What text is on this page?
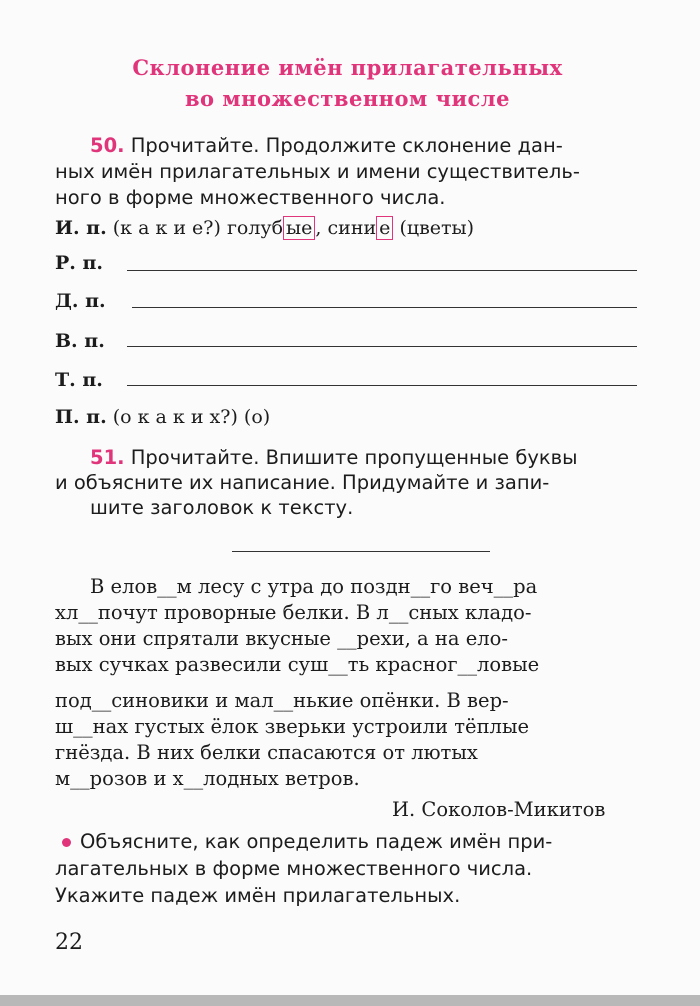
Склонение имён прилагательных
во множественном числе
50. Прочитайте. Продолжите склонение дан-
ных имён прилагательных и имени существитель-
ного в форме множественного числа.
И. п. (к а к и е?) голуб ые , сини е (цветы)
Р. п.
Д. п.
В. п.
Т. п.
П. п. (о к а к и х?) (о)
51. Прочитайте. Впишите пропущенные буквы
и объясните их написание. Придумайте и запи-
шите заголовок к тексту.
В елов__м лесу с утра до поздн__го веч__ра
хл__почут проворные белки. В л__сных кладо-
вых они спрятали вкусные __рехи, а на ело-
вых сучках развесили суш__ть красног__ловые
под__синовики и мал__нькие опёнки. В вер-
ш__нах густых ёлок зверьки устроили тёплые
гнёзда. В них белки спасаются от лютых
м__розов и х__лодных ветров.
И. Соколов-Микитов
Объясните, как определить падеж имён при-
лагательных в форме множественного числа.
Укажите падеж имён прилагательных.
22
